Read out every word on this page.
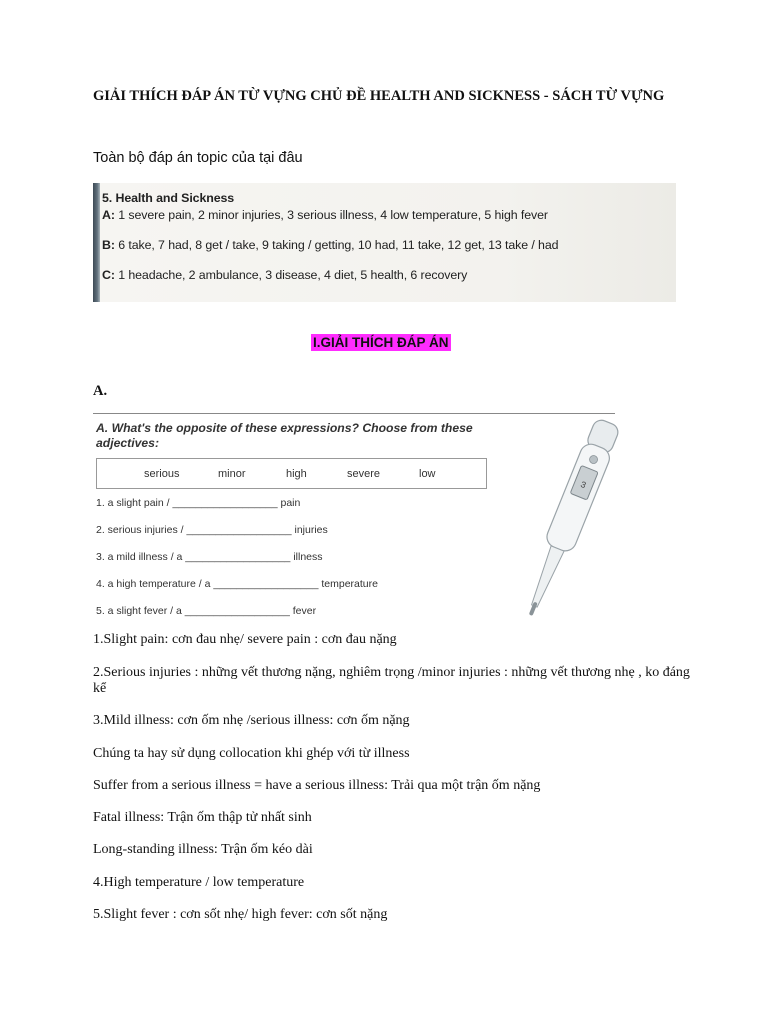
GIẢI THÍCH ĐÁP ÁN TỪ VỰNG CHỦ ĐỀ HEALTH AND SICKNESS - SÁCH TỪ VỰNG

Toàn bộ đáp án topic của tại đâu

5. Health and Sickness
A: 1 severe pain, 2 minor injuries, 3 serious illness, 4 low temperature, 5 high fever
B: 6 take, 7 had, 8 get / take, 9 taking / getting, 10 had, 11 take, 12 get, 13 take / had
C: 1 headache, 2 ambulance, 3 disease, 4 diet, 5 health, 6 recovery
I.GIẢI THÍCH ĐÁP ÁN

A.

A. What's the opposite of these expressions? Choose from these adjectives:
serious	minor	high	severe	low
1. a slight pain / __________________ pain
2. serious injuries / __________________ injuries
3. a mild illness / a __________________ illness
4. a high temperature / a __________________ temperature
5. a slight fever / a __________________ fever
3

1.Slight pain: cơn đau nhẹ/ severe pain : cơn đau nặng

2.Serious injuries : những vết thương nặng, nghiêm trọng /minor injuries : những vết thương nhẹ , ko đáng kể

3.Mild illness: cơn ốm nhẹ /serious illness: cơn ốm nặng

Chúng ta hay sử dụng collocation khi ghép với từ illness

Suffer from a serious illness = have a serious illness: Trải qua một trận ốm nặng

Fatal illness: Trận ốm thập tử nhất sinh

Long-standing illness: Trận ốm kéo dài

4.High temperature / low temperature

5.Slight fever : cơn sốt nhẹ/ high fever: cơn sốt nặng
